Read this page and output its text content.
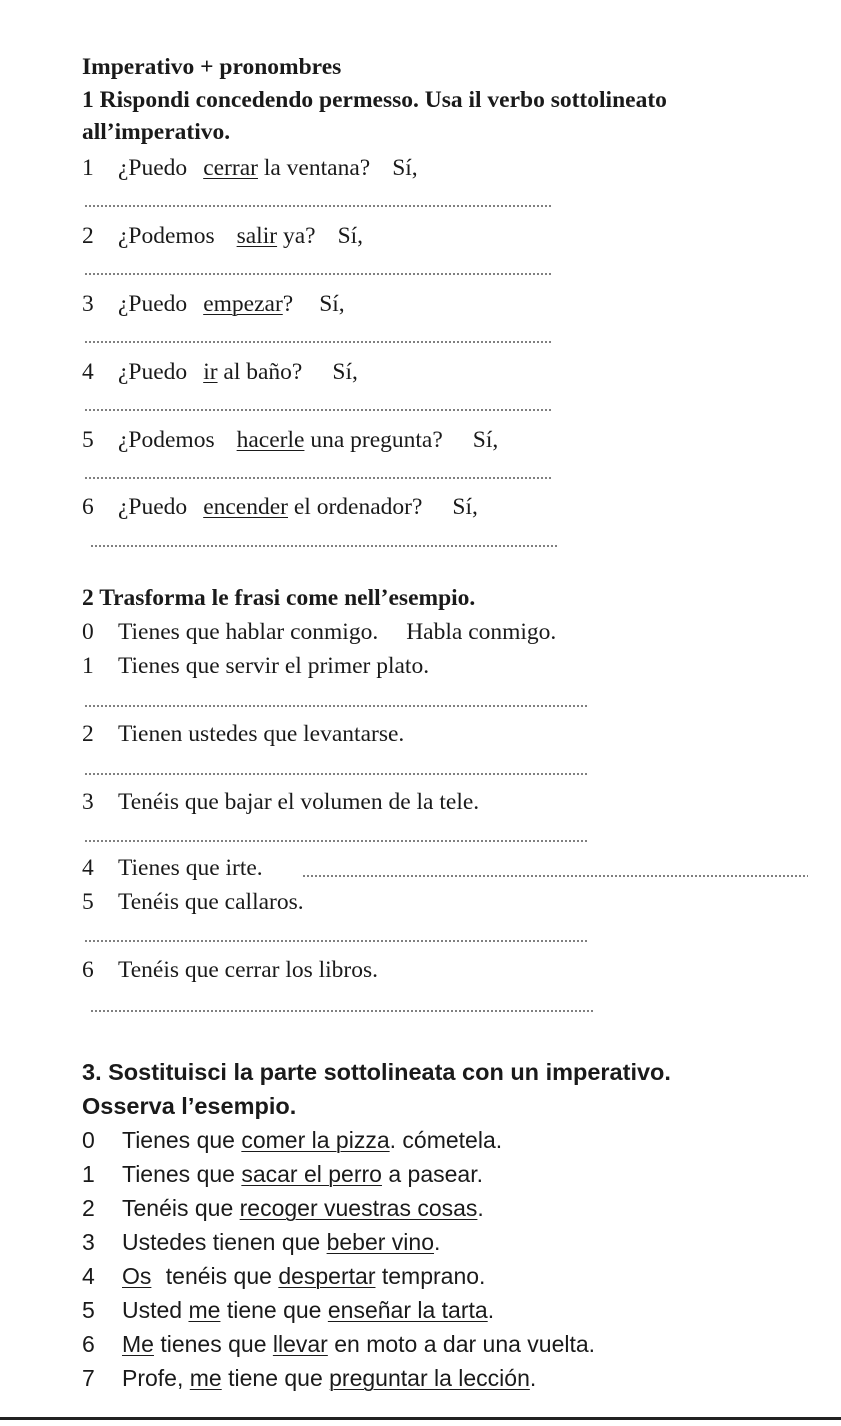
Imperativo + pronombres
1 Rispondi concedendo permesso. Usa il verbo sottolineato
all’imperativo.
1 ¿Puedo cerrar la ventana? Sí,
2 ¿Podemos salir ya? Sí,
3 ¿Puedo empezar? Sí,
4 ¿Puedo ir al baño? Sí,
5 ¿Podemos hacerle una pregunta? Sí,
6 ¿Puedo encender el ordenador? Sí,
2 Trasforma le frasi come nell’esempio.
0 Tienes que hablar conmigo. Habla conmigo.
1 Tienes que servir el primer plato.
2 Tienen ustedes que levantarse.
3 Tenéis que bajar el volumen de la tele.
4 Tienes que irte.
5 Tenéis que callaros.
6 Tenéis que cerrar los libros.
3. Sostituisci la parte sottolineata con un imperativo.
Osserva l’esempio.
0 Tienes que comer la pizza. cómetela.
1 Tienes que sacar el perro a pasear.
2 Tenéis que recoger vuestras cosas.
3 Ustedes tienen que beber vino.
4 Os tenéis que despertar temprano.
5 Usted me tiene que enseñar la tarta.
6 Me tienes que llevar en moto a dar una vuelta.
7 Profe, me tiene que preguntar la lección.
